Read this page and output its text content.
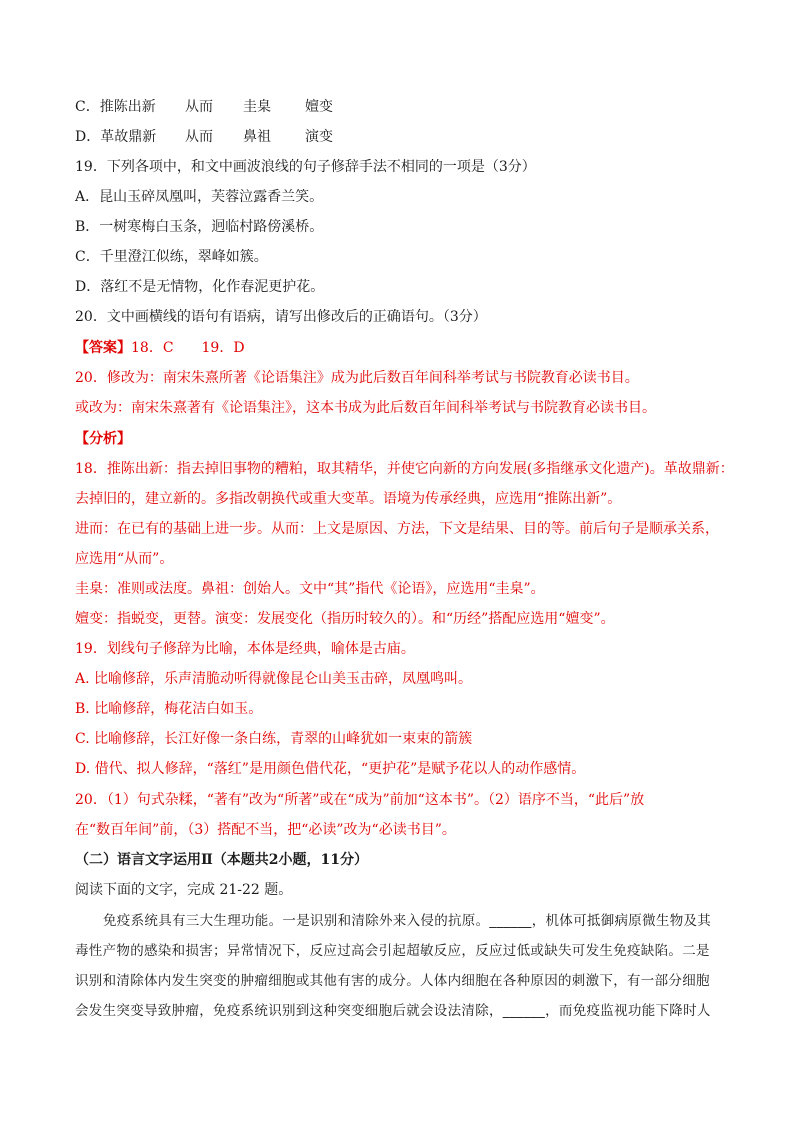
C．推陈出新 从而 圭臬 嬗变
D．革故鼎新 从而 鼻祖 演变
19．下列各项中，和文中画波浪线的句子修辞手法不相同的一项是（3分）
A．昆山玉碎凤凰叫，芙蓉泣露香兰笑。
B．一树寒梅白玉条，迥临村路傍溪桥。
C．千里澄江似练，翠峰如簇。
D．落红不是无情物，化作春泥更护花。
20．文中画横线的语句有语病，请写出修改后的正确语句。（3分）
【答案】18．C　　19．D
20．修改为：南宋朱熹所著《论语集注》成为此后数百年间科举考试与书院教育必读书目。
或改为：南宋朱熹著有《论语集注》，这本书成为此后数百年间科举考试与书院教育必读书目。
【分析】
18．推陈出新：指去掉旧事物的糟粕，取其精华，并使它向新的方向发展(多指继承文化遗产)。革故鼎新：
去掉旧的，建立新的。多指改朝换代或重大变革。语境为传承经典，应选用“推陈出新”。
进而：在已有的基础上进一步。从而：上文是原因、方法，下文是结果、目的等。前后句子是顺承关系，
应选用“从而”。
圭臬：准则或法度。鼻祖：创始人。文中“其”指代《论语》，应选用“圭臬”。
嬗变：指蜕变，更替。演变：发展变化（指历时较久的）。和“历经”搭配应选用“嬗变”。
19．划线句子修辞为比喻，本体是经典，喻体是古庙。
A. 比喻修辞，乐声清脆动听得就像昆仑山美玉击碎，凤凰鸣叫。
B. 比喻修辞，梅花洁白如玉。
C. 比喻修辞，长江好像一条白练，青翠的山峰犹如一束束的箭簇
D. 借代、拟人修辞，“落红”是用颜色借代花，“更护花”是赋予花以人的动作感情。
20．（1）句式杂糅，“著有”改为“所著”或在“成为”前加“这本书”。（2）语序不当，“此后”放
在“数百年间”前，（3）搭配不当，把“必读”改为“必读书目”。
（二）语言文字运用Ⅱ（本题共2小题，11分）
阅读下面的文字，完成 21-22 题。
免疫系统具有三大生理功能。一是识别和清除外来入侵的抗原。______，机体可抵御病原微生物及其
毒性产物的感染和损害；异常情况下，反应过高会引起超敏反应，反应过低或缺失可发生免疫缺陷。二是
识别和清除体内发生突变的肿瘤细胞或其他有害的成分。人体内细胞在各种原因的刺激下，有一部分细胞
会发生突变导致肿瘤，免疫系统识别到这种突变细胞后就会设法清除，______，而免疫监视功能下降时人
